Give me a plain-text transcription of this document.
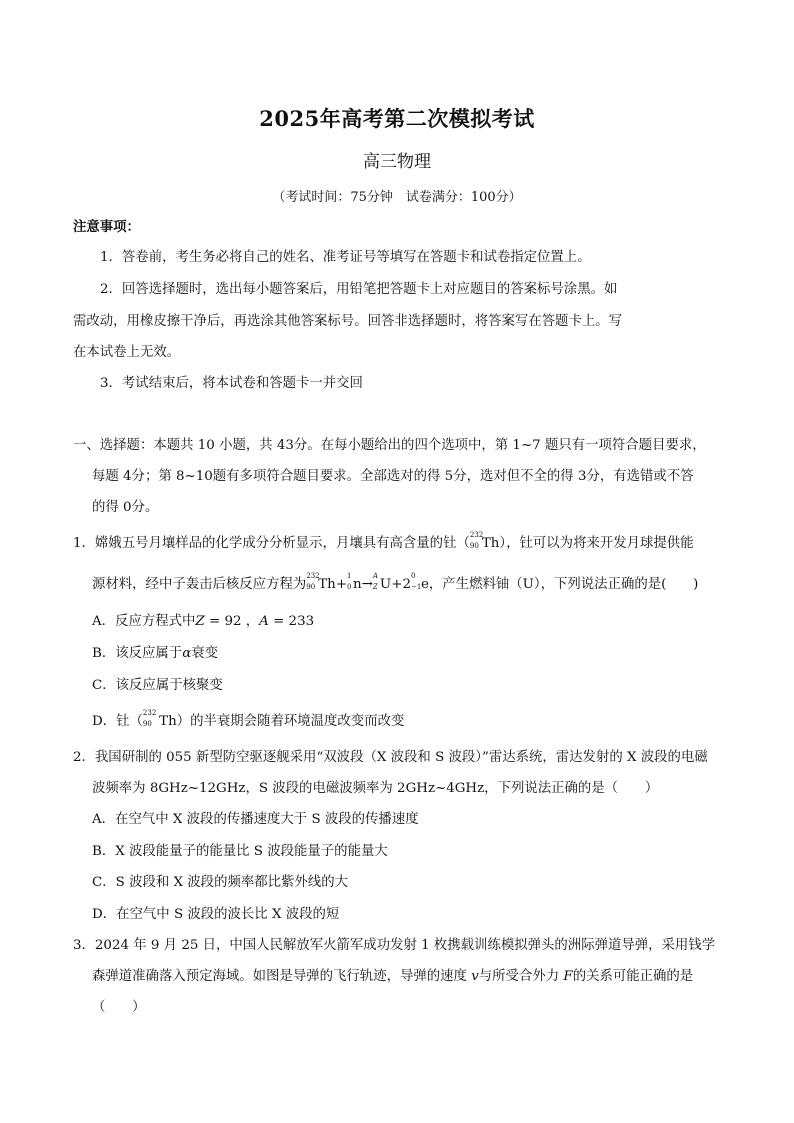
2025年高考第二次模拟考试
高三物理
（考试时间：75分钟　试卷满分：100分）
注意事项：
1．答卷前，考生务必将自己的姓名、准考证号等填写在答题卡和试卷指定位置上。
2．回答选择题时，选出每小题答案后，用铅笔把答题卡上对应题目的答案标号涂黑。如
需改动，用橡皮擦干净后，再选涂其他答案标号。回答非选择题时，将答案写在答题卡上。写
在本试卷上无效。
3．考试结束后，将本试卷和答题卡一并交回
一、选择题：本题共 10 小题，共 43分。在每小题给出的四个选项中，第 1~7 题只有一项符合题目要求，
每题 4分；第 8~10题有多项符合题目要求。全部选对的得 5分，选对但不全的得 3分，有选错或不答
的得 0分。
1．嫦娥五号月壤样品的化学成分分析显示，月壤具有高含量的钍（
232
90 Th），钍可以为将来开发月球提供能
源材料，经中子轰击后核反应方程为
232
90 Th+
1
0 n→
A
Z U+2
0
−1 e，产生燃料铀（U），下列说法正确的是(　　)
A．反应方程式中Z = 92 ，A = 233
B．该反应属于α衰变
C．该反应属于核聚变
D．钍（
232
90 Th）的半衰期会随着环境温度改变而改变
2．我国研制的 055 新型防空驱逐舰采用“双波段（X 波段和 S 波段）”雷达系统，雷达发射的 X 波段的电磁
波频率为 8GHz~12GHz，S 波段的电磁波频率为 2GHz~4GHz，下列说法正确的是（　　）
A．在空气中 X 波段的传播速度大于 S 波段的传播速度
B．X 波段能量子的能量比 S 波段能量子的能量大
C．S 波段和 X 波段的频率都比紫外线的大
D．在空气中 S 波段的波长比 X 波段的短
3．2024 年 9 月 25 日，中国人民解放军火箭军成功发射 1 枚携载训练模拟弹头的洲际弹道导弹，采用钱学
森弹道准确落入预定海域。如图是导弹的飞行轨迹，导弹的速度 v与所受合外力 F的关系可能正确的是
（　　）
